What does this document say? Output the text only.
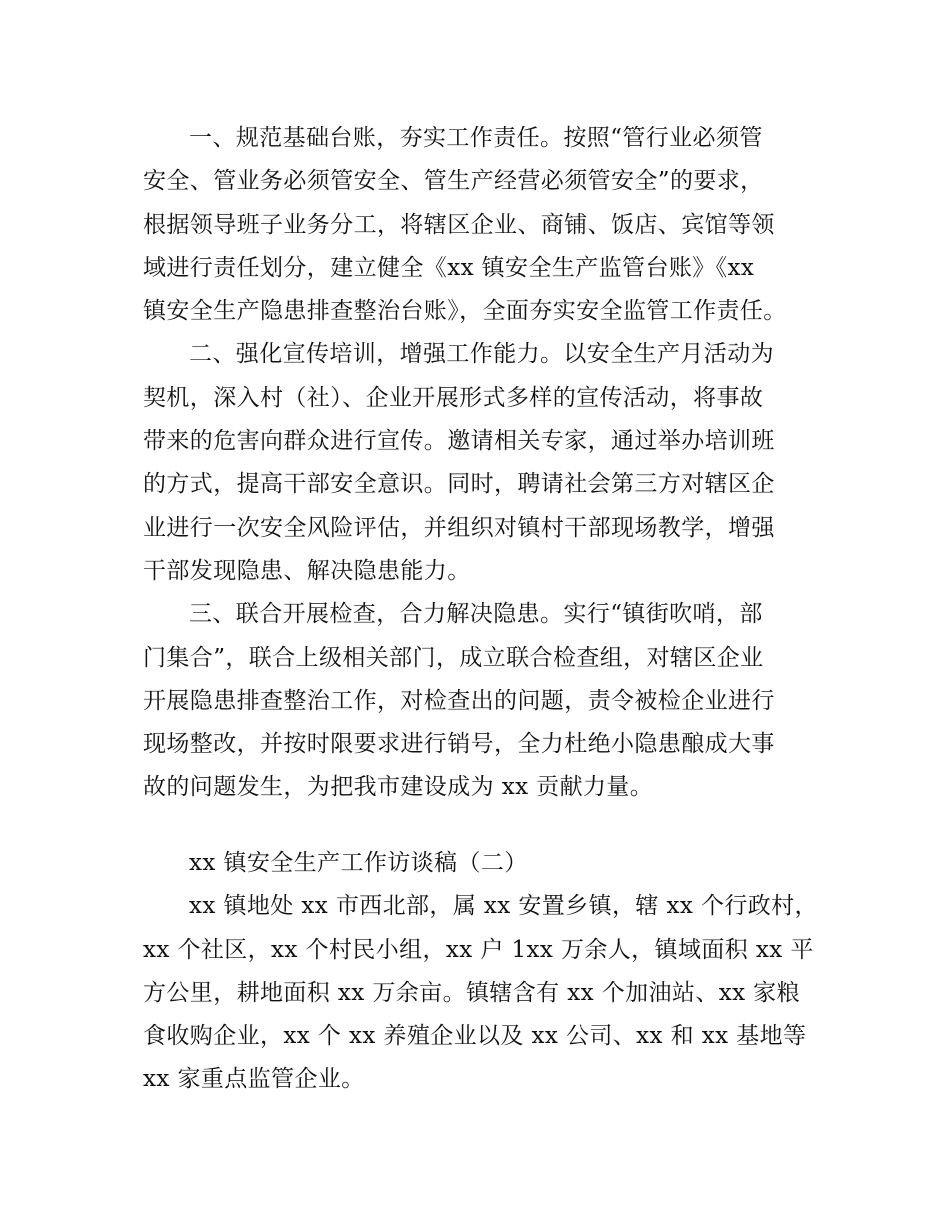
一、规范基础台账，夯实工作责任。按照“管行业必须管
安全、管业务必须管安全、管生产经营必须管安全”的要求，
根据领导班子业务分工，将辖区企业、商铺、饭店、宾馆等领
域进行责任划分，建立健全《xx 镇安全生产监管台账》《xx
镇安全生产隐患排查整治台账》，全面夯实安全监管工作责任。

二、强化宣传培训，增强工作能力。以安全生产月活动为
契机，深入村（社）、企业开展形式多样的宣传活动，将事故
带来的危害向群众进行宣传。邀请相关专家，通过举办培训班
的方式，提高干部安全意识。同时，聘请社会第三方对辖区企
业进行一次安全风险评估，并组织对镇村干部现场教学，增强
干部发现隐患、解决隐患能力。

三、联合开展检查，合力解决隐患。实行“镇街吹哨，部
门集合”，联合上级相关部门，成立联合检查组，对辖区企业
开展隐患排查整治工作，对检查出的问题，责令被检企业进行
现场整改，并按时限要求进行销号，全力杜绝小隐患酿成大事
故的问题发生，为把我市建设成为 xx 贡献力量。

xx 镇安全生产工作访谈稿（二）

xx 镇地处 xx 市西北部，属 xx 安置乡镇，辖 xx 个行政村，
xx 个社区，xx 个村民小组，xx 户 1xx 万余人，镇域面积 xx 平
方公里，耕地面积 xx 万余亩。镇辖含有 xx 个加油站、xx 家粮
食收购企业，xx 个 xx 养殖企业以及 xx 公司、xx 和 xx 基地等
xx 家重点监管企业。
